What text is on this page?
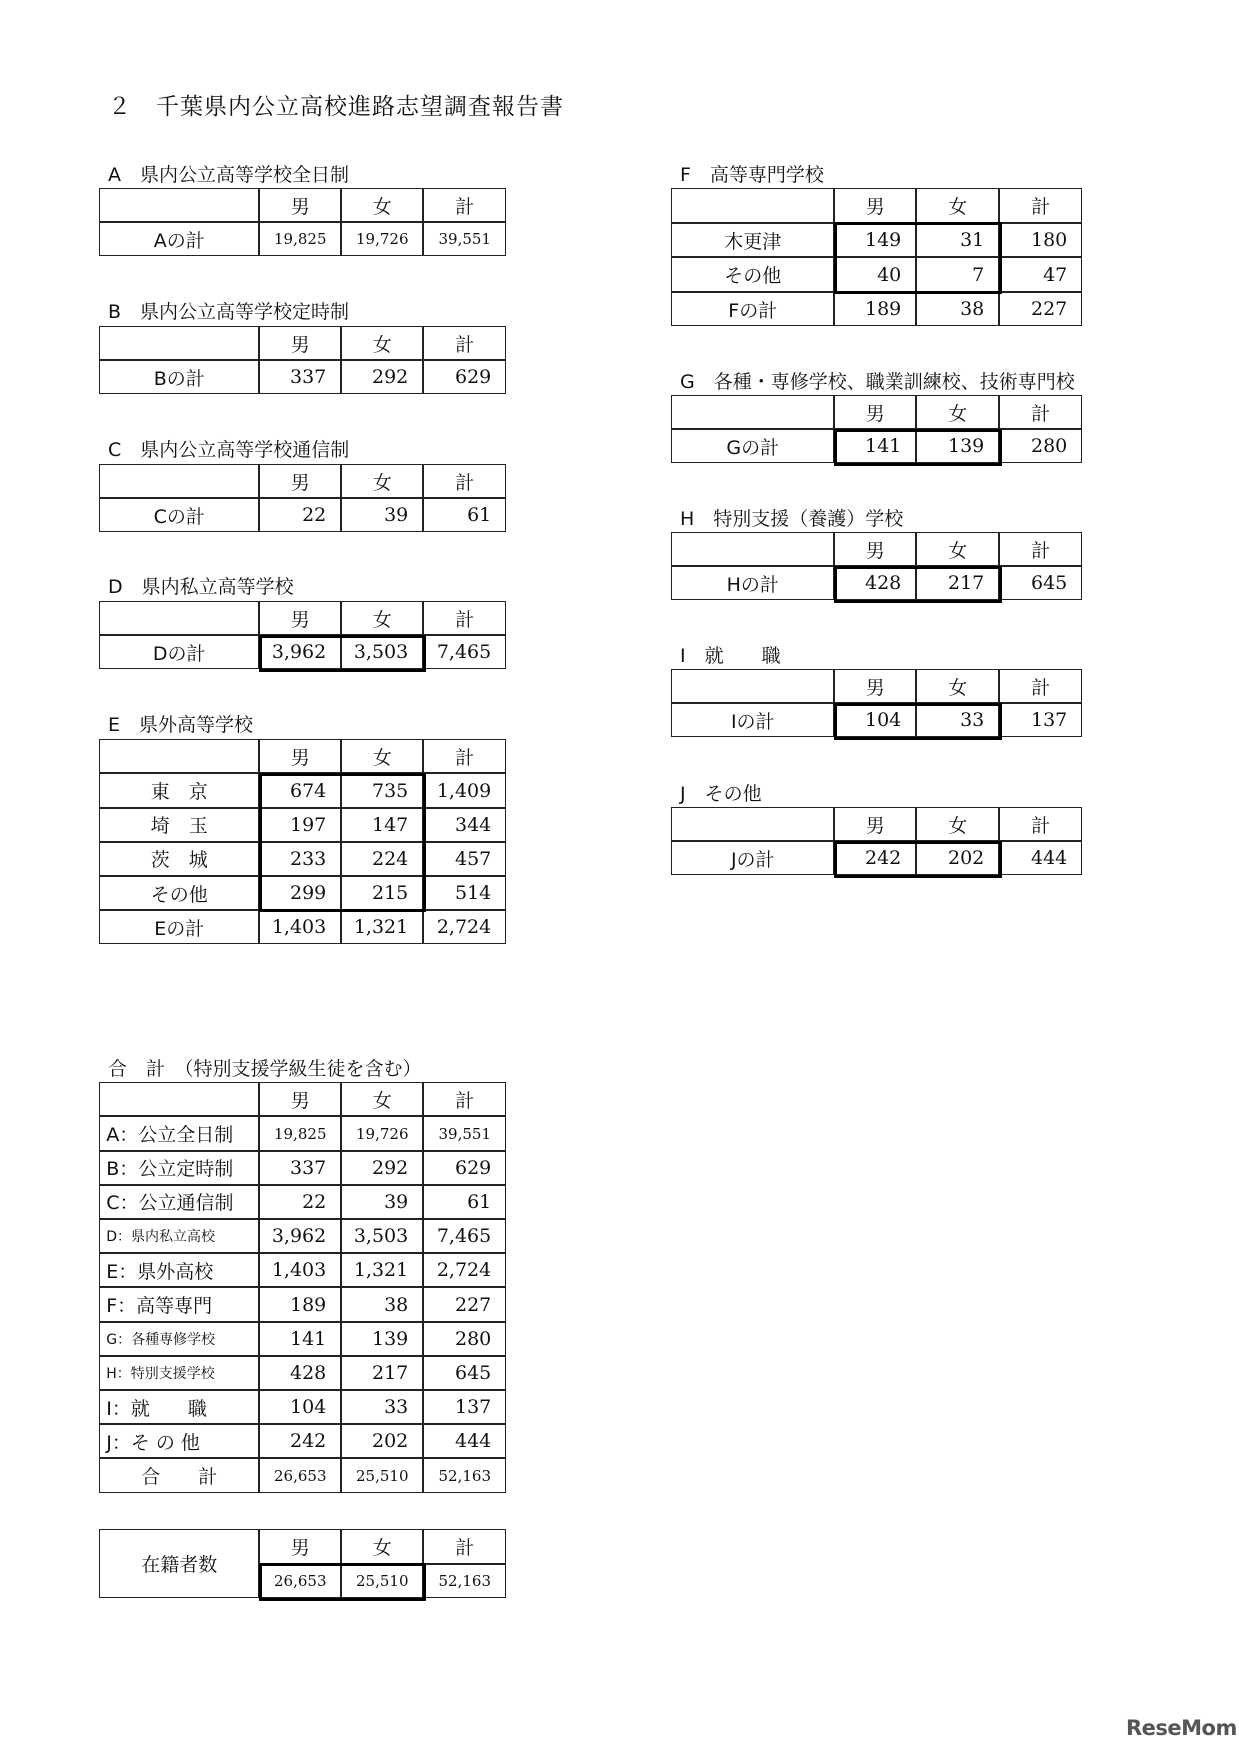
２　千葉県内公立高校進路志望調査報告書
ReseMom
A　県内公立高等学校全日制
男	女	計
Aの計	19,825	19,726	39,551
B　県内公立高等学校定時制
男	女	計
Bの計	337	292	629
C　県内公立高等学校通信制
男	女	計
Cの計	22	39	61
D　県内私立高等学校
男	女	計
Dの計	3,962	3,503	7,465
E　県外高等学校
男	女	計
東　京	674	735	1,409
埼　玉	197	147	344
茨　城	233	224	457
その他	299	215	514
Eの計	1,403	1,321	2,724
合　計　（特別支援学級生徒を含む）
男	女	計
A：公立全日制	19,825	19,726	39,551
B：公立定時制	337	292	629
C：公立通信制	22	39	61
D：県内私立高校	3,962	3,503	7,465
E：県外高校	1,403	1,321	2,724
F：高等専門	189	38	227
G：各種専修学校	141	139	280
H：特別支援学校	428	217	645
I：就　　職	104	33	137
J：そ の 他	242	202	444
合　　計	26,653	25,510	52,163
在籍者数
男	女	計
26,653	25,510	52,163
F　高等専門学校
男	女	計
木更津	149	31	180
その他	40	7	47
Fの計	189	38	227
G　各種・専修学校、職業訓練校、技術専門校
男	女	計
Gの計	141	139	280
H　特別支援（養護）学校
男	女	計
Hの計	428	217	645
I　就　　職
男	女	計
Iの計	104	33	137
J　その他
男	女	計
Jの計	242	202	444
